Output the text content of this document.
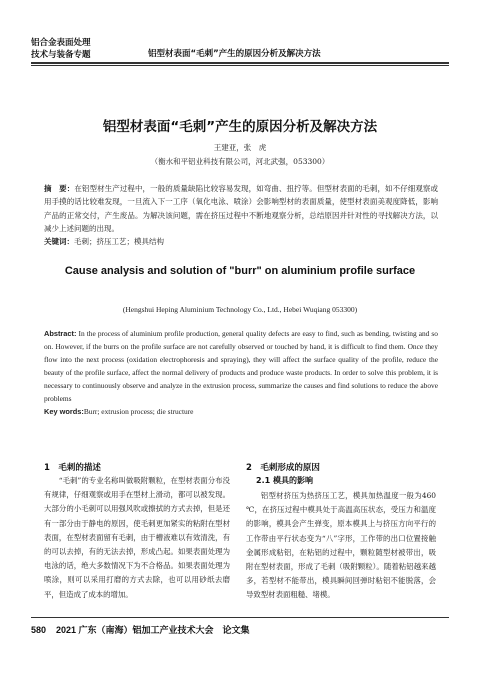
铝合金表面处理
技术与装备专题	铝型材表面“毛刺”产生的原因分析及解决方法
铝型材表面“毛刺”产生的原因分析及解决方法
王建亚，张　虎
（衡水和平铝业科技有限公司，河北武强，053300）
摘　要：在铝型材生产过程中，一般的质量缺陷比较容易发现，如弯曲、扭拧等。但型材表面的毛刺，如不仔细观察或用手摸的话比较难发现，一旦流入下一工序（氧化电泳、喷涂）会影响型材的表面质量，使型材表面美观度降低，影响产品的正常交付，产生废品。为解决该问题，需在挤压过程中不断地观察分析，总结原因并针对性的寻找解决方法，以减少上述问题的出现。
关键词：毛刺；挤压工艺；模具结构
Cause analysis and solution of "burr" on aluminium profile surface
(Hengshui Heping Aluminium Technology Co., Ltd., Hebei Wuqiang 053300)
Abstract: In the process of aluminium profile production, general quality defects are easy to find, such as bending, twisting and so on. However, if the burrs on the profile surface are not carefully observed or touched by hand, it is difficult to find them. Once they flow into the next process (oxidation electrophoresis and spraying), they will affect the surface quality of the profile, reduce the beauty of the profile surface, affect the normal delivery of products and produce waste products. In order to solve this problem, it is necessary to continuously observe and analyze in the extrusion process, summarize the causes and find solutions to reduce the above problems
Key words:Burr; extrusion process; die structure
1　毛刺的描述
“毛刺”的专业名称叫做吸附颗粒，在型材表面分布没有规律，仔细观察或用手在型材上滑动，都可以被发现。大部分的小毛刺可以用强风吹或擦拭的方式去掉，但是还有一部分由于静电的原因，使毛刺更加紧实的粘附在型材表面，在型材表面留有毛刺，由于槽液难以有效清洗，有的可以去掉，有的无法去掉，形成凸起。如果表面处理为电泳的话，绝大多数情况下为不合格品。如果表面处理为喷涂，则可以采用打磨的方式去除，也可以用砂纸去磨平，但造成了成本的增加。
2　毛刺形成的原因
2.1 模具的影响
铝型材挤压为热挤压工艺，模具加热温度一般为460 ℃，在挤压过程中模具处于高温高压状态，受压力和温度的影响，模具会产生弹变，原本模具上与挤压方向平行的工作带由平行状态变为“八”字形，工作带的出口位置接触金属形成粘铝，在粘铝的过程中，颗粒随型材被带出，吸附在型材表面，形成了毛刺（吸附颗粒）。随着粘铝越来越多，若型材不能带出，模具瞬间回弹时粘铝不能脱落，会导致型材表面粗糙、堵模。
580 2021 广东（南海）铝加工产业技术大会　论文集
